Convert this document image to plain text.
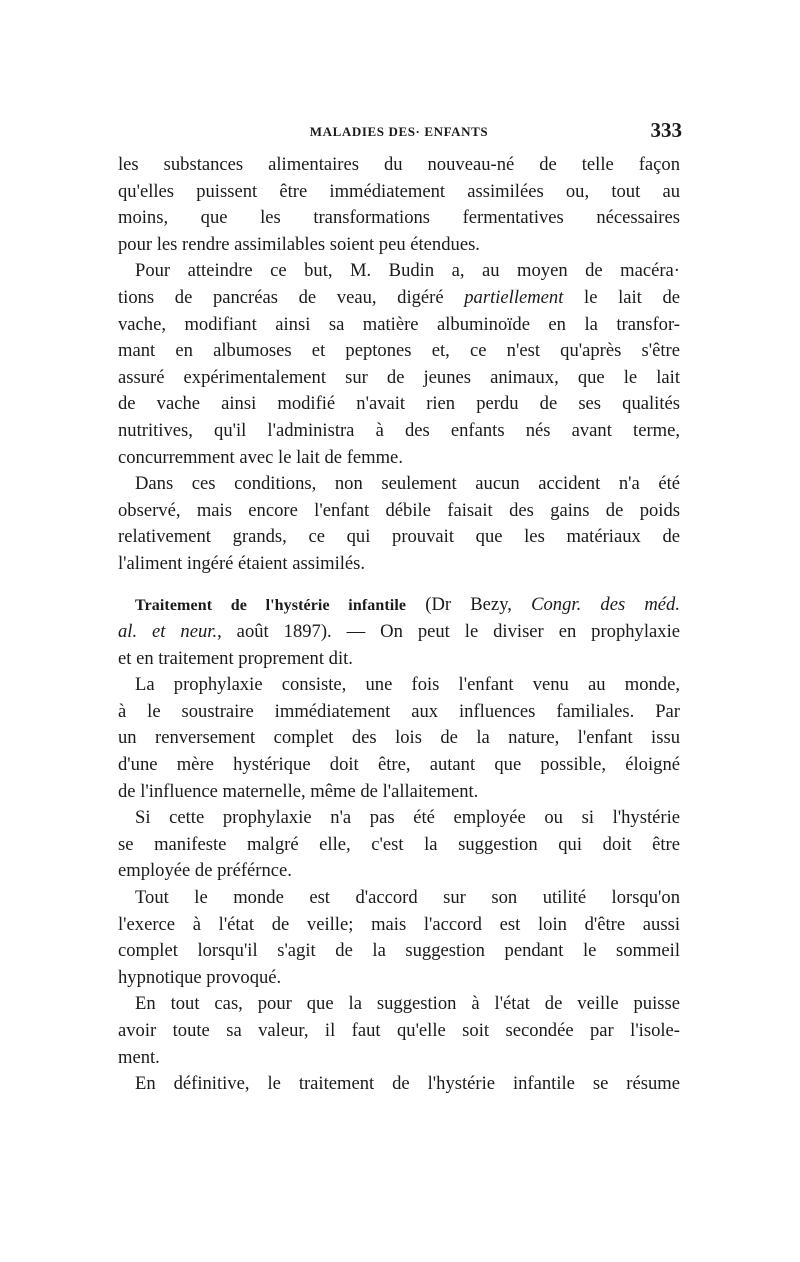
MALADIES DES· ENFANTS	333
les substances alimentaires du nouveau-né de telle façon
qu'elles puissent être immédiatement assimilées ou, tout au
moins, que les transformations fermentatives nécessaires
pour les rendre assimilables soient peu étendues.
Pour atteindre ce but, M. Budin a, au moyen de macéra·
tions de pancréas de veau, digéré partiellement le lait de
vache, modifiant ainsi sa matière albuminoïde en la transfor-
mant en albumoses et peptones et, ce n'est qu'après s'être
assuré expérimentalement sur de jeunes animaux, que le lait
de vache ainsi modifié n'avait rien perdu de ses qualités
nutritives, qu'il l'administra à des enfants nés avant terme,
concurremment avec le lait de femme.
Dans ces conditions, non seulement aucun accident n'a été
observé, mais encore l'enfant débile faisait des gains de poids
relativement grands, ce qui prouvait que les matériaux de
l'aliment ingéré étaient assimilés.
Traitement de l'hystérie infantile (Dr Bezy, Congr. des méd.
al. et neur., août 1897). — On peut le diviser en prophylaxie
et en traitement proprement dit.
La prophylaxie consiste, une fois l'enfant venu au monde,
à le soustraire immédiatement aux influences familiales. Par
un renversement complet des lois de la nature, l'enfant issu
d'une mère hystérique doit être, autant que possible, éloigné
de l'influence maternelle, même de l'allaitement.
Si cette prophylaxie n'a pas été employée ou si l'hystérie
se manifeste malgré elle, c'est la suggestion qui doit être
employée de préférnce.
Tout le monde est d'accord sur son utilité lorsqu'on
l'exerce à l'état de veille; mais l'accord est loin d'être aussi
complet lorsqu'il s'agit de la suggestion pendant le sommeil
hypnotique provoqué.
En tout cas, pour que la suggestion à l'état de veille puisse
avoir toute sa valeur, il faut qu'elle soit secondée par l'isole-
ment.
En définitive, le traitement de l'hystérie infantile se résume
